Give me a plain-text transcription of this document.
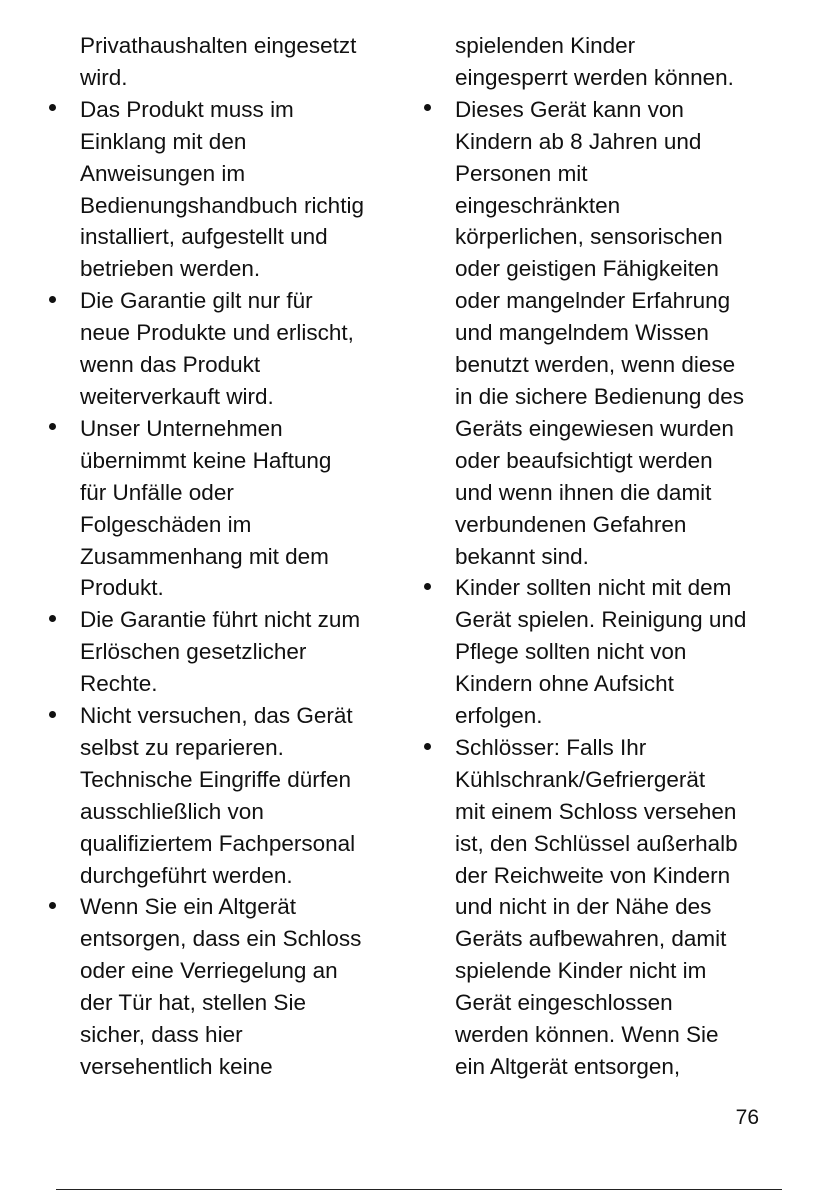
Privathaushalten eingesetzt
wird.
Das Produkt muss im
Einklang mit den
Anweisungen im
Bedienungshandbuch richtig
installiert, aufgestellt und
betrieben werden.
Die Garantie gilt nur für
neue Produkte und erlischt,
wenn das Produkt
weiterverkauft wird.
Unser Unternehmen
übernimmt keine Haftung
für Unfälle oder
Folgeschäden im
Zusammenhang mit dem
Produkt.
Die Garantie führt nicht zum
Erlöschen gesetzlicher
Rechte.
Nicht versuchen, das Gerät
selbst zu reparieren.
Technische Eingriffe dürfen
ausschließlich von
qualifiziertem Fachpersonal
durchgeführt werden.
Wenn Sie ein Altgerät
entsorgen, dass ein Schloss
oder eine Verriegelung an
der Tür hat, stellen Sie
sicher, dass hier
versehentlich keine
spielenden Kinder
eingesperrt werden können.
Dieses Gerät kann von
Kindern ab 8 Jahren und
Personen mit
eingeschränkten
körperlichen, sensorischen
oder geistigen Fähigkeiten
oder mangelnder Erfahrung
und mangelndem Wissen
benutzt werden, wenn diese
in die sichere Bedienung des
Geräts eingewiesen wurden
oder beaufsichtigt werden
und wenn ihnen die damit
verbundenen Gefahren
bekannt sind.
Kinder sollten nicht mit dem
Gerät spielen. Reinigung und
Pflege sollten nicht von
Kindern ohne Aufsicht
erfolgen.
Schlösser: Falls Ihr
Kühlschrank/Gefriergerät
mit einem Schloss versehen
ist, den Schlüssel außerhalb
der Reichweite von Kindern
und nicht in der Nähe des
Geräts aufbewahren, damit
spielende Kinder nicht im
Gerät eingeschlossen
werden können. Wenn Sie
ein Altgerät entsorgen,
76
